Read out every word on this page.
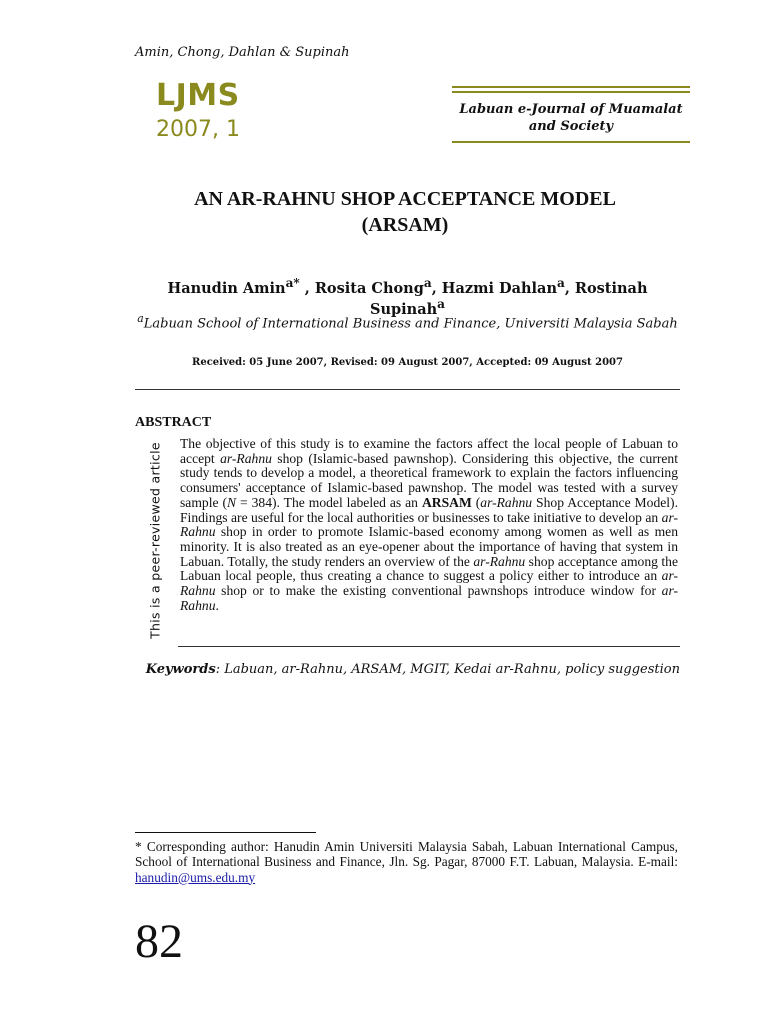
Amin, Chong, Dahlan & Supinah
LJMS
2007, 1
Labuan e-Journal of Muamalat
and Society
AN AR-RAHNU SHOP ACCEPTANCE MODEL
(ARSAM)
Hanudin Amin$^{a*}$ , Rosita Chong$^a$, Hazmi Dahlan$^a$, Rostinah Supinah$^a$
$^a$Labuan School of International Business and Finance, Universiti Malaysia Sabah
Received: 05 June 2007, Revised: 09 August 2007, Accepted: 09 August 2007
ABSTRACT
This is a peer-reviewed article The objective of this study is to examine the factors affect the local people of Labuan to accept ar-Rahnu shop (Islamic-based pawnshop). Considering this objective, the current study tends to develop a model, a theoretical framework to explain the factors influencing consumers' acceptance of Islamic-based pawnshop. The model was tested with a survey sample (N = 384). The model labeled as an ARSAM (ar-Rahnu Shop Acceptance Model). Findings are useful for the local authorities or businesses to take initiative to develop an ar-Rahnu shop in order to promote Islamic-based economy among women as well as men minority. It is also treated as an eye-opener about the importance of having that system in Labuan. Totally, the study renders an overview of the ar-Rahnu shop acceptance among the Labuan local people, thus creating a chance to suggest a policy either to introduce an ar-Rahnu shop or to make the existing conventional pawnshops introduce window for ar-Rahnu.

Keywords: Labuan, ar-Rahnu, ARSAM, MGIT, Kedai ar-Rahnu, policy suggestion
* Corresponding author: Hanudin Amin Universiti Malaysia Sabah, Labuan International Campus, School of International Business and Finance, Jln. Sg. Pagar, 87000 F.T. Labuan, Malaysia. E-mail: hanudin@ums.edu.my
82
